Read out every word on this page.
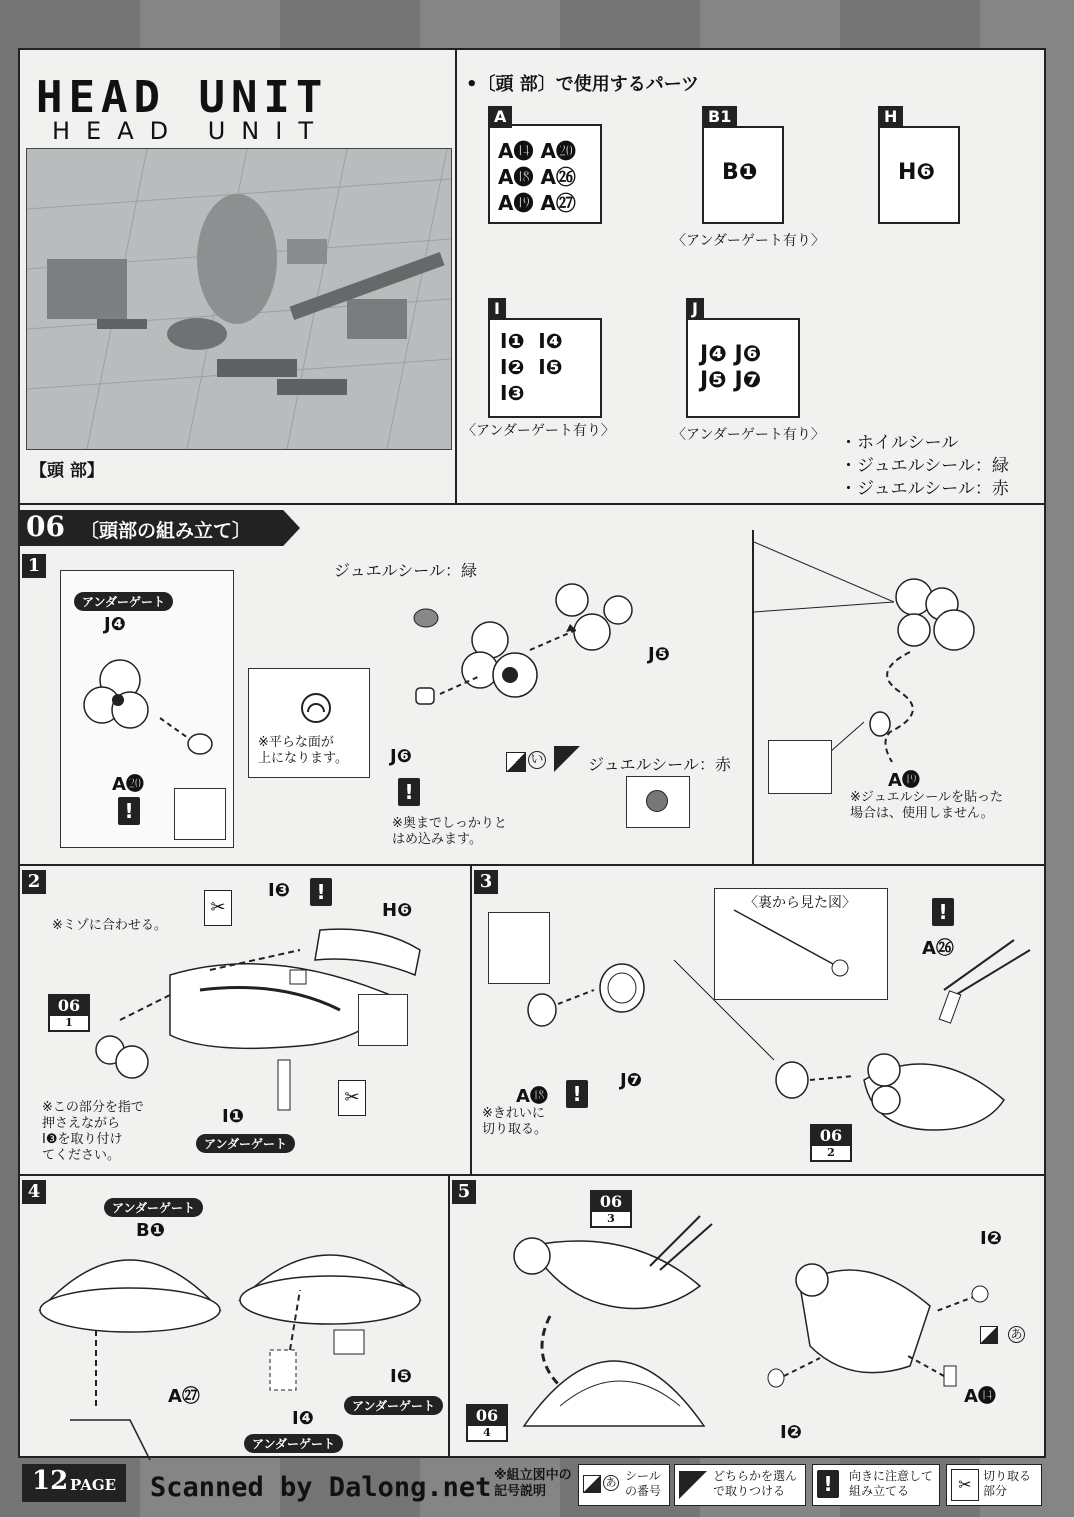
HEAD UNIT
HEAD UNIT
【頭 部】
•〔頭 部〕で使用するパーツ
A
A⓮ A⓴
A⓲ A㉖
A⓳ A㉗
B1
B❶
〈アンダーゲート有り〉
H
H❻
I
I❶  I❹
I❷  I❺
I❸
〈アンダーゲート有り〉
J
J❹ J❻
J❺ J❼
〈アンダーゲート有り〉 ・ホイルシール
・ジュエルシール：緑
・ジュエルシール：赤
06 〔頭部の組み立て〕
1
アンダーゲート
J❹
A⓴
!
※平らな面が
上になります。 J❻
!
※奥までしっかりと
はめ込みます。
ジュエルシール：緑
J❺
い	ジュエルシール：赤
A⓳
※ジュエルシールを貼った
場合は、使用しません。
2
※ミゾに合わせる。
✂
I❸	!
H❻
✂
06
1
※この部分を指で
押さえながら
I❸を取り付け
てください。
I❶
アンダーゲート
3
〈裏から見た図〉	!
A㉖
A⓲	!
J❼
※きれいに
切り取る。	06
2
4
アンダーゲート
B❶
A㉗
I❺
アンダーゲート
I❹
アンダーゲート
5	06
3
06
4
I❷
あ
A⓮
I❷
12 PAGE Scanned by Dalong.net ※組立図中の
記号説明
あ シール
の番号
どちらかを選ん
で取りつける	!	向きに注意して
組み立てる	✂ 切り取る
部分
